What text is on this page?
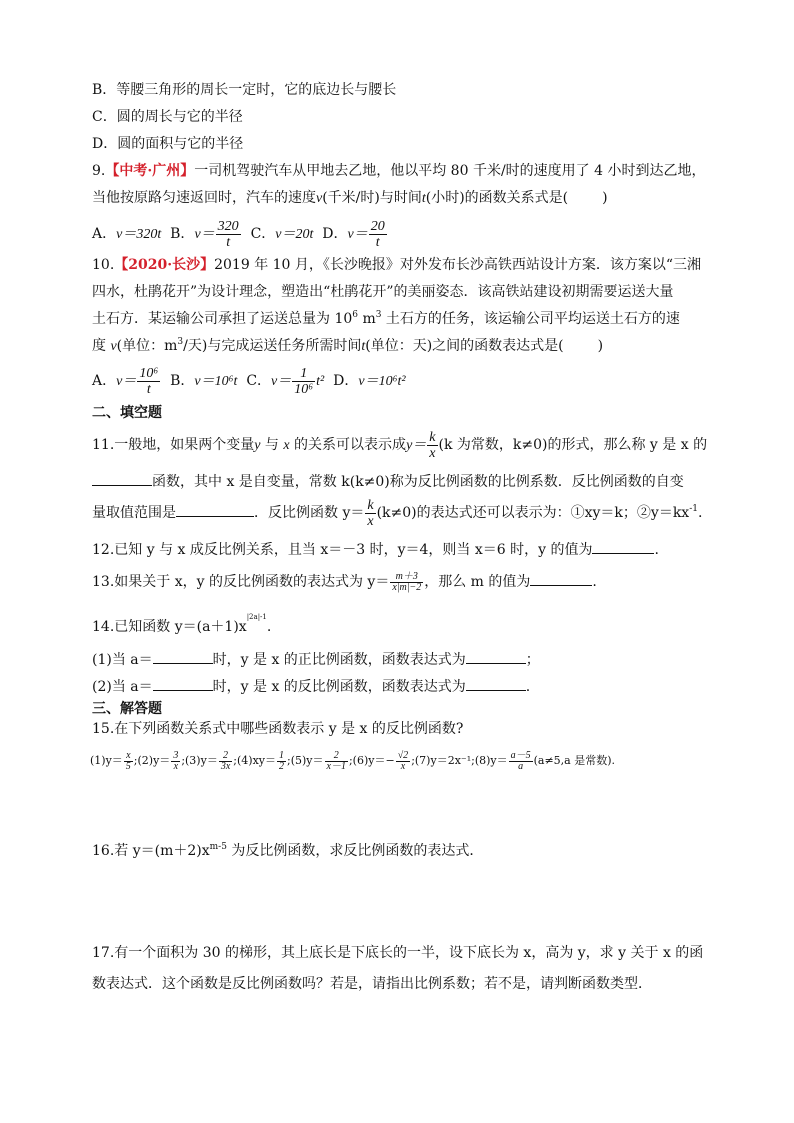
B．等腰三角形的周长一定时，它的底边长与腰长
C．圆的周长与它的半径
D．圆的面积与它的半径
9.【中考·广州】一司机驾驶汽车从甲地去乙地，他以平均 80 千米/时的速度用了 4 小时到达乙地，
当他按原路匀速返回时，汽车的速度v(千米/时)与时间t(小时)的函数关系式是( )
A．v＝320t B．$v= \frac{320}{t}$ C．v＝20t D．$v= \frac{20}{t}$
10.【2020·长沙】2019 年 10 月，《长沙晚报》对外发布长沙高铁西站设计方案．该方案以“三湘
四水，杜鹃花开”为设计理念，塑造出“杜鹃花开”的美丽姿态．该高铁站建设初期需要运送大量
土石方．某运输公司承担了运送总量为 $10^6$ $m^3$ 土石方的任务，该运输公司平均运送土石方的速
度 v(单位：$m^3/$天)与完成运送任务所需时间t(单位：天)之间的函数表达式是( )
A．$v= \frac{\text{10⁶}}{t}$ B．v＝10⁶t C．$v= \frac{1}{\text{10⁶}} t^2$ D．v＝10⁶t²
二、填空题
11.一般地，如果两个变量y 与 x 的关系可以表示成$y= \frac{k}{x} (k$ 为常数，k≠0)的形式，那么称 y 是 x 的
函数，其中 x 是自变量，常数 k(k≠0)称为反比例函数的比例系数．反比例函数的自变
量取值范围是	．反比例函数 $y= \frac{k}{x} (k\ne 0)$的表达式还可以表示为：①xy＝k；$②y=kx^{-1}$.
12.已知 y 与 x 成反比例关系，且当 x＝－3 时，y＝4，则当 x＝6 时，y 的值为	.
13.如果关于 x，y 的反比例函数的表达式为 $y= \frac{m+3}{x|m|-2}$ ，那么 m 的值为	.
14.已知函数 $y=(a+1)x^{|2a|-1}$.
(1)当 a＝	时，y 是 x 的正比例函数，函数表达式为	；
(2)当 a＝	时，y 是 x 的反比例函数，函数表达式为	.
三、解答题
15.在下列函数关系式中哪些函数表示 y 是 x 的反比例函数?
$(1)y= \frac{x}{5}$ ;(2)y＝ $\frac{3}{x}$ ;(3)y＝ $\frac{2}{3x}$ ;(4)xy＝ $\frac{1}{2}$ ;(5)y＝ $\frac{2}{x-1}$ ;(6)y＝− $\frac{√2}{x}$ ;(7)y＝2x⁻¹;(8)y＝ $\frac{a-5}{a} (a\ne 5,a$ 是常数).
16.若 $y=(m+2)x^{m-5}$ 为反比例函数，求反比例函数的表达式．
17.有一个面积为 30 的梯形，其上底长是下底长的一半，设下底长为 x，高为 y，求 y 关于 x 的函
数表达式．这个函数是反比例函数吗？若是，请指出比例系数；若不是，请判断函数类型．
